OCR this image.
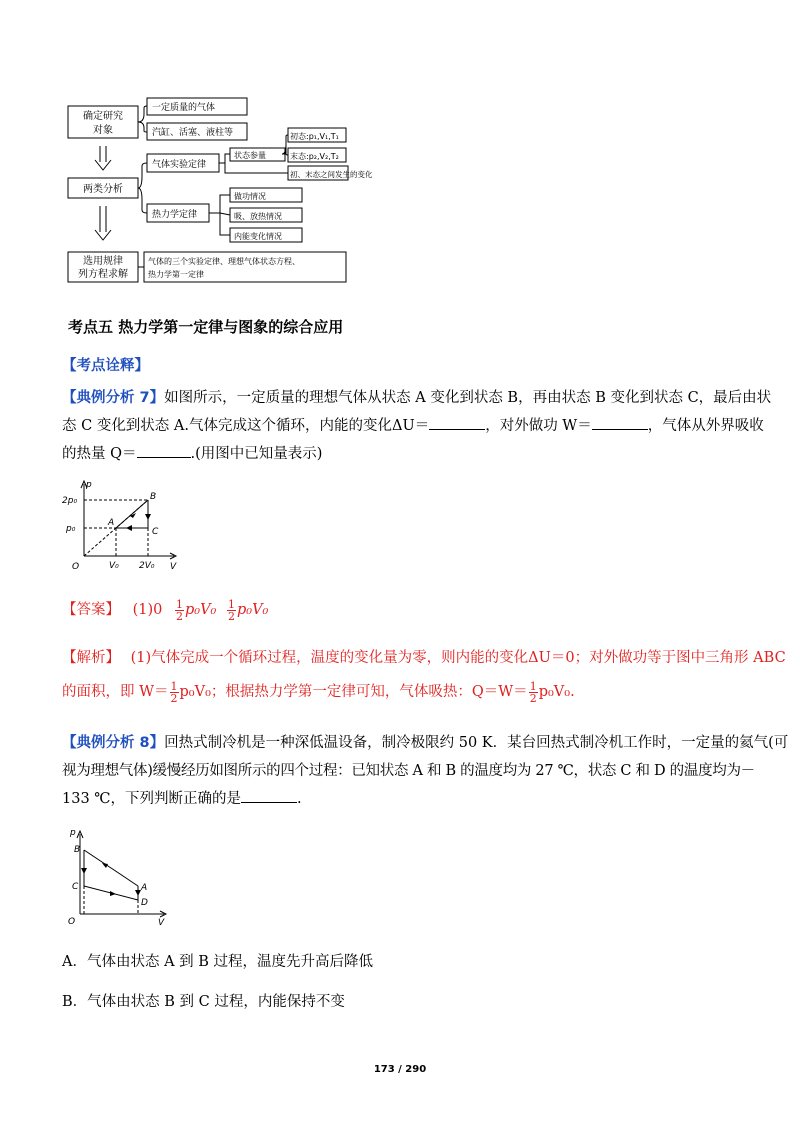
确定研究
对象
两类分析
选用规律
列方程求解
一定质量的气体
汽缸、活塞、液柱等
气体实验定律
热力学定律
状态参量
初态:p₁,V₁,T₁
末态:p₂,V₂,T₂
初、末态之间发生的变化
做功情况
吸、放热情况
内能变化情况
气体的三个实验定律、理想气体状态方程、
热力学第一定律
考点五 热力学第一定律与图象的综合应用
【考点诠释】
【典例分析 7】如图所示，一定质量的理想气体从状态 A 变化到状态 B，再由状态 B 变化到状态 C，最后由状
态 C 变化到状态 A.气体完成这个循环，内能的变化ΔU＝	，对外做功 W＝	，气体从外界吸收
的热量 Q＝	.(用图中已知量表示)
p
V
O
2p₀
p₀
V₀ 2V₀
A
B
C
【答案】 $(1)0 \frac{1}{2} p_0V_0 \frac{1}{2} p_0V_0$
【解析】 (1)气体完成一个循环过程，温度的变化量为零，则内能的变化ΔU＝0；对外做功等于图中三角形 ABC
的面积，即 $W= \frac{1}{2} p_0V_0$；根据热力学第一定律可知，气体吸热：$Q=W= \frac{1}{2} p_0V_0$.
【典例分析 8】回热式制冷机是一种深低温设备，制冷极限约 50 K．某台回热式制冷机工作时，一定量的氦气(可
视为理想气体)缓慢经历如图所示的四个过程：已知状态 A 和 B 的温度均为 27 ℃，状态 C 和 D 的温度均为－
133 ℃，下列判断正确的是	.
p
V
O
B
C	A
D
A．气体由状态 A 到 B 过程，温度先升高后降低
B．气体由状态 B 到 C 过程，内能保持不变
173 / 290
